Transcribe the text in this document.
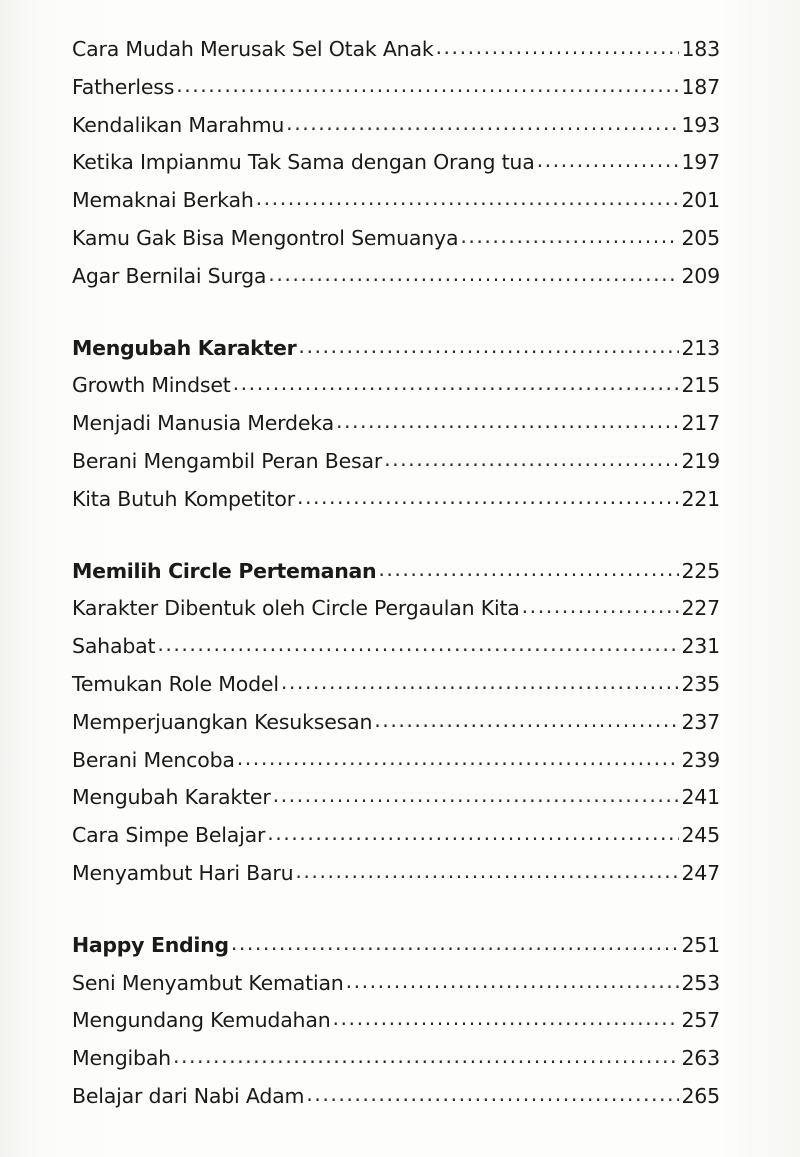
Cara Mudah Merusak Sel Otak Anak .....	183
Fatherless .....	187
Kendalikan Marahmu .....	193
Ketika Impianmu Tak Sama dengan Orang tua .....	197
Memaknai Berkah .....	201
Kamu Gak Bisa Mengontrol Semuanya .....	205
Agar Bernilai Surga .....	209
Mengubah Karakter .....	213
Growth Mindset .....	215
Menjadi Manusia Merdeka .....	217
Berani Mengambil Peran Besar .....	219
Kita Butuh Kompetitor .....	221
Memilih Circle Pertemanan .....	225
Karakter Dibentuk oleh Circle Pergaulan Kita .....	227
Sahabat .....	231
Temukan Role Model .....	235
Memperjuangkan Kesuksesan .....	237
Berani Mencoba .....	239
Mengubah Karakter .....	241
Cara Simpe Belajar .....	245
Menyambut Hari Baru .....	247
Happy Ending .....	251
Seni Menyambut Kematian .....	253
Mengundang Kemudahan .....	257
Mengibah .....	263
Belajar dari Nabi Adam .....	265
